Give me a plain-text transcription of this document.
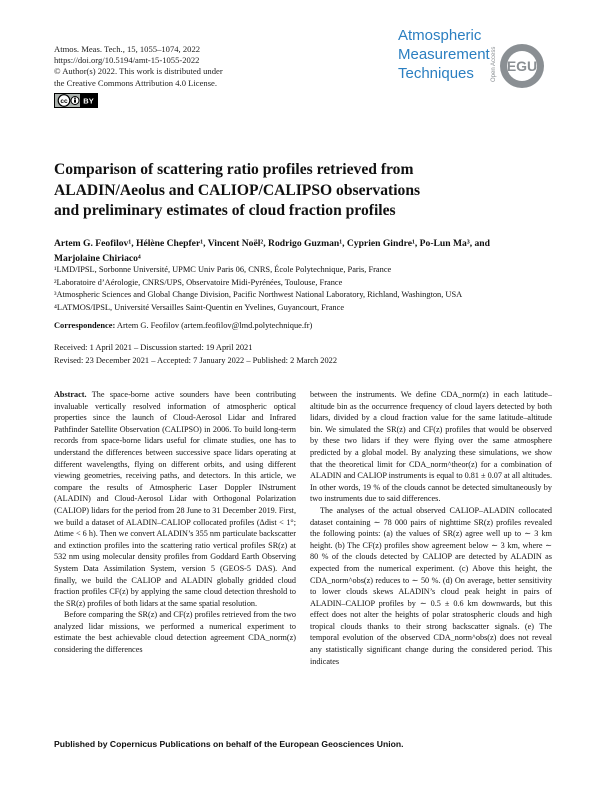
Atmos. Meas. Tech., 15, 1055–1074, 2022
https://doi.org/10.5194/amt-15-1055-2022
© Author(s) 2022. This work is distributed under
the Creative Commons Attribution 4.0 License.
cc BY
Atmospheric
Measurement
Techniques	Open Access EGU
Comparison of scattering ratio profiles retrieved from
ALADIN/Aeolus and CALIOP/CALIPSO observations
and preliminary estimates of cloud fraction profiles
Artem G. Feofilov¹, Hélène Chepfer¹, Vincent Noël², Rodrigo Guzman¹, Cyprien Gindre¹, Po-Lun Ma³, and
Marjolaine Chiriaco⁴
¹LMD/IPSL, Sorbonne Université, UPMC Univ Paris 06, CNRS, École Polytechnique, Paris, France
²Laboratoire d’Aérologie, CNRS/UPS, Observatoire Midi-Pyrénées, Toulouse, France
³Atmospheric Sciences and Global Change Division, Pacific Northwest National Laboratory, Richland, Washington, USA
⁴LATMOS/IPSL, Université Versailles Saint-Quentin en Yvelines, Guyancourt, France
Correspondence: Artem G. Feofilov (artem.feofilov@lmd.polytechnique.fr)
Received: 1 April 2021 – Discussion started: 19 April 2021
Revised: 23 December 2021 – Accepted: 7 January 2022 – Published: 2 March 2022

Abstract. The space-borne active sounders have been contributing invaluable vertically resolved information of atmospheric optical properties since the launch of Cloud-Aerosol Lidar and Infrared Pathfinder Satellite Observation (CALIPSO) in 2006. To build long-term records from space-borne lidars useful for climate studies, one has to understand the differences between successive space lidars operating at different wavelengths, flying on different orbits, and using different viewing geometries, receiving paths, and detectors. In this article, we compare the results of Atmospheric Laser Doppler INstrument (ALADIN) and Cloud-Aerosol Lidar with Orthogonal Polarization (CALIOP) lidars for the period from 28 June to 31 December 2019. First, we build a dataset of ALADIN–CALIOP collocated profiles (Δdist < 1°; Δtime < 6 h). Then we convert ALADIN’s 355 nm particulate backscatter and extinction profiles into the scattering ratio vertical profiles SR(z) at 532 nm using molecular density profiles from Goddard Earth Observing System Data Assimilation System, version 5 (GEOS-5 DAS). And finally, we build the CALIOP and ALADIN globally gridded cloud fraction profiles CF(z) by applying the same cloud detection threshold to the SR(z) profiles of both lidars at the same spatial resolution.

Before comparing the SR(z) and CF(z) profiles retrieved from the two analyzed lidar missions, we performed a numerical experiment to estimate the best achievable cloud detection agreement CDA_norm(z) considering the differences

between the instruments. We define CDA_norm(z) in each latitude–altitude bin as the occurrence frequency of cloud layers detected by both lidars, divided by a cloud fraction value for the same latitude–altitude bin. We simulated the SR(z) and CF(z) profiles that would be observed by these two lidars if they were flying over the same atmosphere predicted by a global model. By analyzing these simulations, we show that the theoretical limit for CDA_norm^theor(z) for a combination of ALADIN and CALIOP instruments is equal to 0.81 ± 0.07 at all altitudes. In other words, 19 % of the clouds cannot be detected simultaneously by two instruments due to said differences.

The analyses of the actual observed CALIOP–ALADIN collocated dataset containing ∼ 78 000 pairs of nighttime SR(z) profiles revealed the following points: (a) the values of SR(z) agree well up to ∼ 3 km height. (b) The CF(z) profiles show agreement below ∼ 3 km, where ∼ 80 % of the clouds detected by CALIOP are detected by ALADIN as expected from the numerical experiment. (c) Above this height, the CDA_norm^obs(z) reduces to ∼ 50 %. (d) On average, better sensitivity to lower clouds skews ALADIN’s cloud peak height in pairs of ALADIN–CALIOP profiles by ∼ 0.5 ± 0.6 km downwards, but this effect does not alter the heights of polar stratospheric clouds and high tropical clouds thanks to their strong backscatter signals. (e) The temporal evolution of the observed CDA_norm^obs(z) does not reveal any statistically significant change during the considered period. This indicates

Published by Copernicus Publications on behalf of the European Geosciences Union.
